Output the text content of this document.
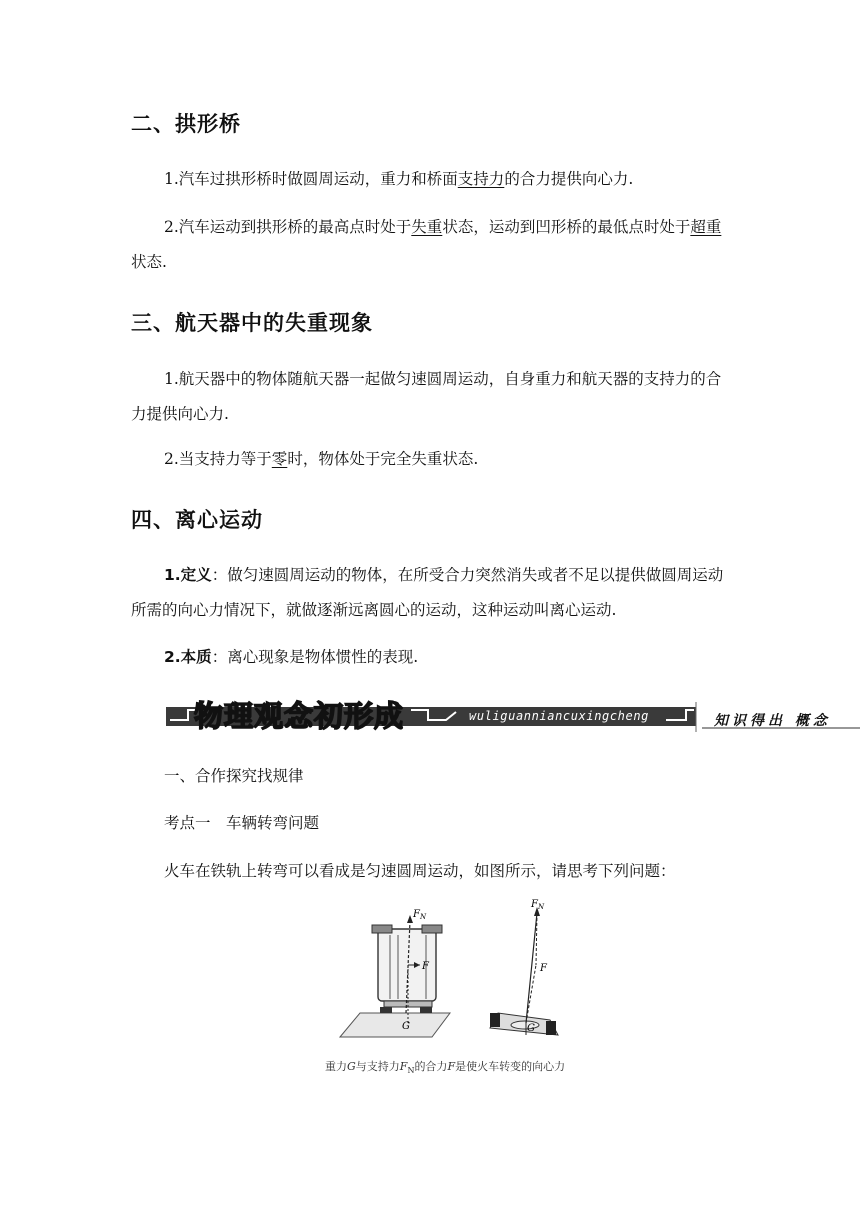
二、拱形桥

1.汽车过拱形桥时做圆周运动，重力和桥面支持力的合力提供向心力.

2.汽车运动到拱形桥的最高点时处于失重状态，运动到凹形桥的最低点时处于超重状态.

三、航天器中的失重现象

1.航天器中的物体随航天器一起做匀速圆周运动，自身重力和航天器的支持力的合力提供向心力.

2.当支持力等于零时，物体处于完全失重状态.

四、离心运动

1.定义：做匀速圆周运动的物体，在所受合力突然消失或者不足以提供做圆周运动所需的向心力情况下，就做逐渐远离圆心的运动，这种运动叫离心运动.

2.本质：离心现象是物体惯性的表现.

物理观念初形成	wuliguanniancuxingcheng	知识得出 概念

一、合作探究找规律

考点一　车辆转弯问题

火车在铁轨上转弯可以看成是匀速圆周运动，如图所示，请思考下列问题：

$F_N$
F
G
$F_N$
F
G
重力G与支持力$F_N$的合力F是使火车转变的向心力
